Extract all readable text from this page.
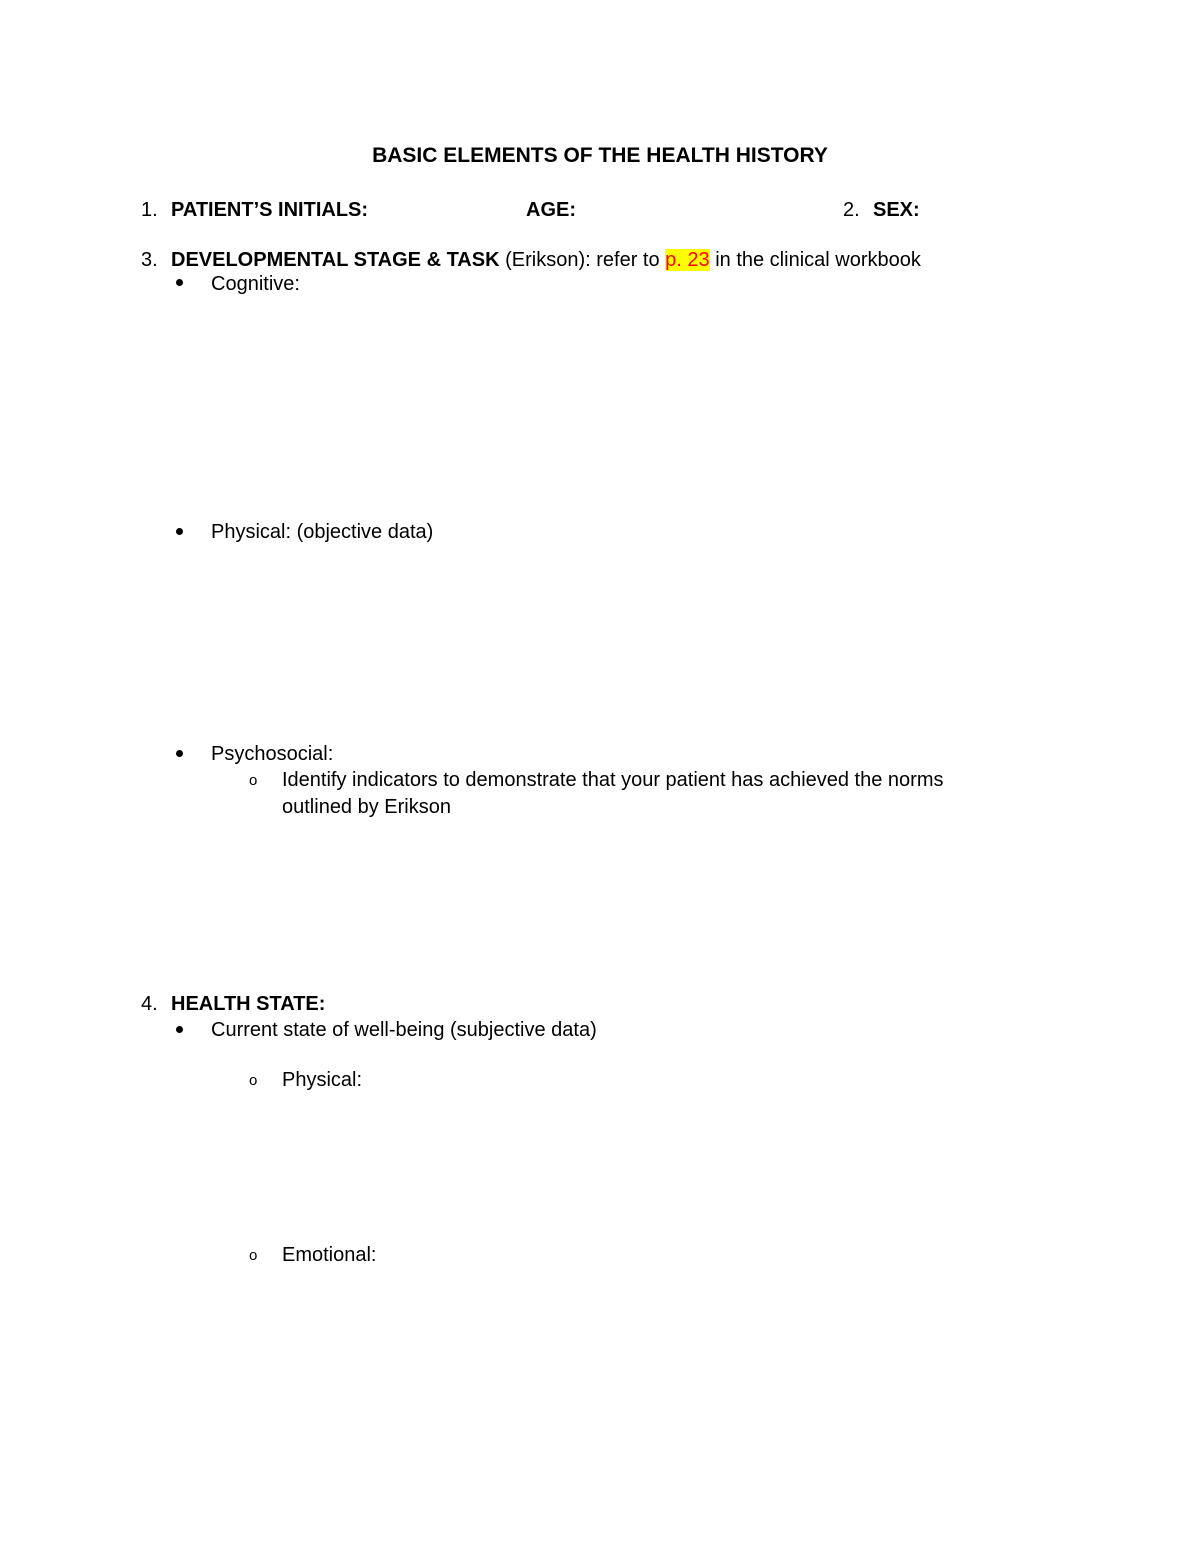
BASIC ELEMENTS OF THE HEALTH HISTORY
1. PATIENT’S INITIALS:	AGE:	2. SEX:
3. DEVELOPMENTAL STAGE & TASK (Erikson): refer to p. 23 in the clinical workbook
Cognitive:
Physical: (objective data)
Psychosocial:
o Identify indicators to demonstrate that your patient has achieved the norms
outlined by Erikson
4. HEALTH STATE:
Current state of well-being (subjective data)
o Physical:
o Emotional:
